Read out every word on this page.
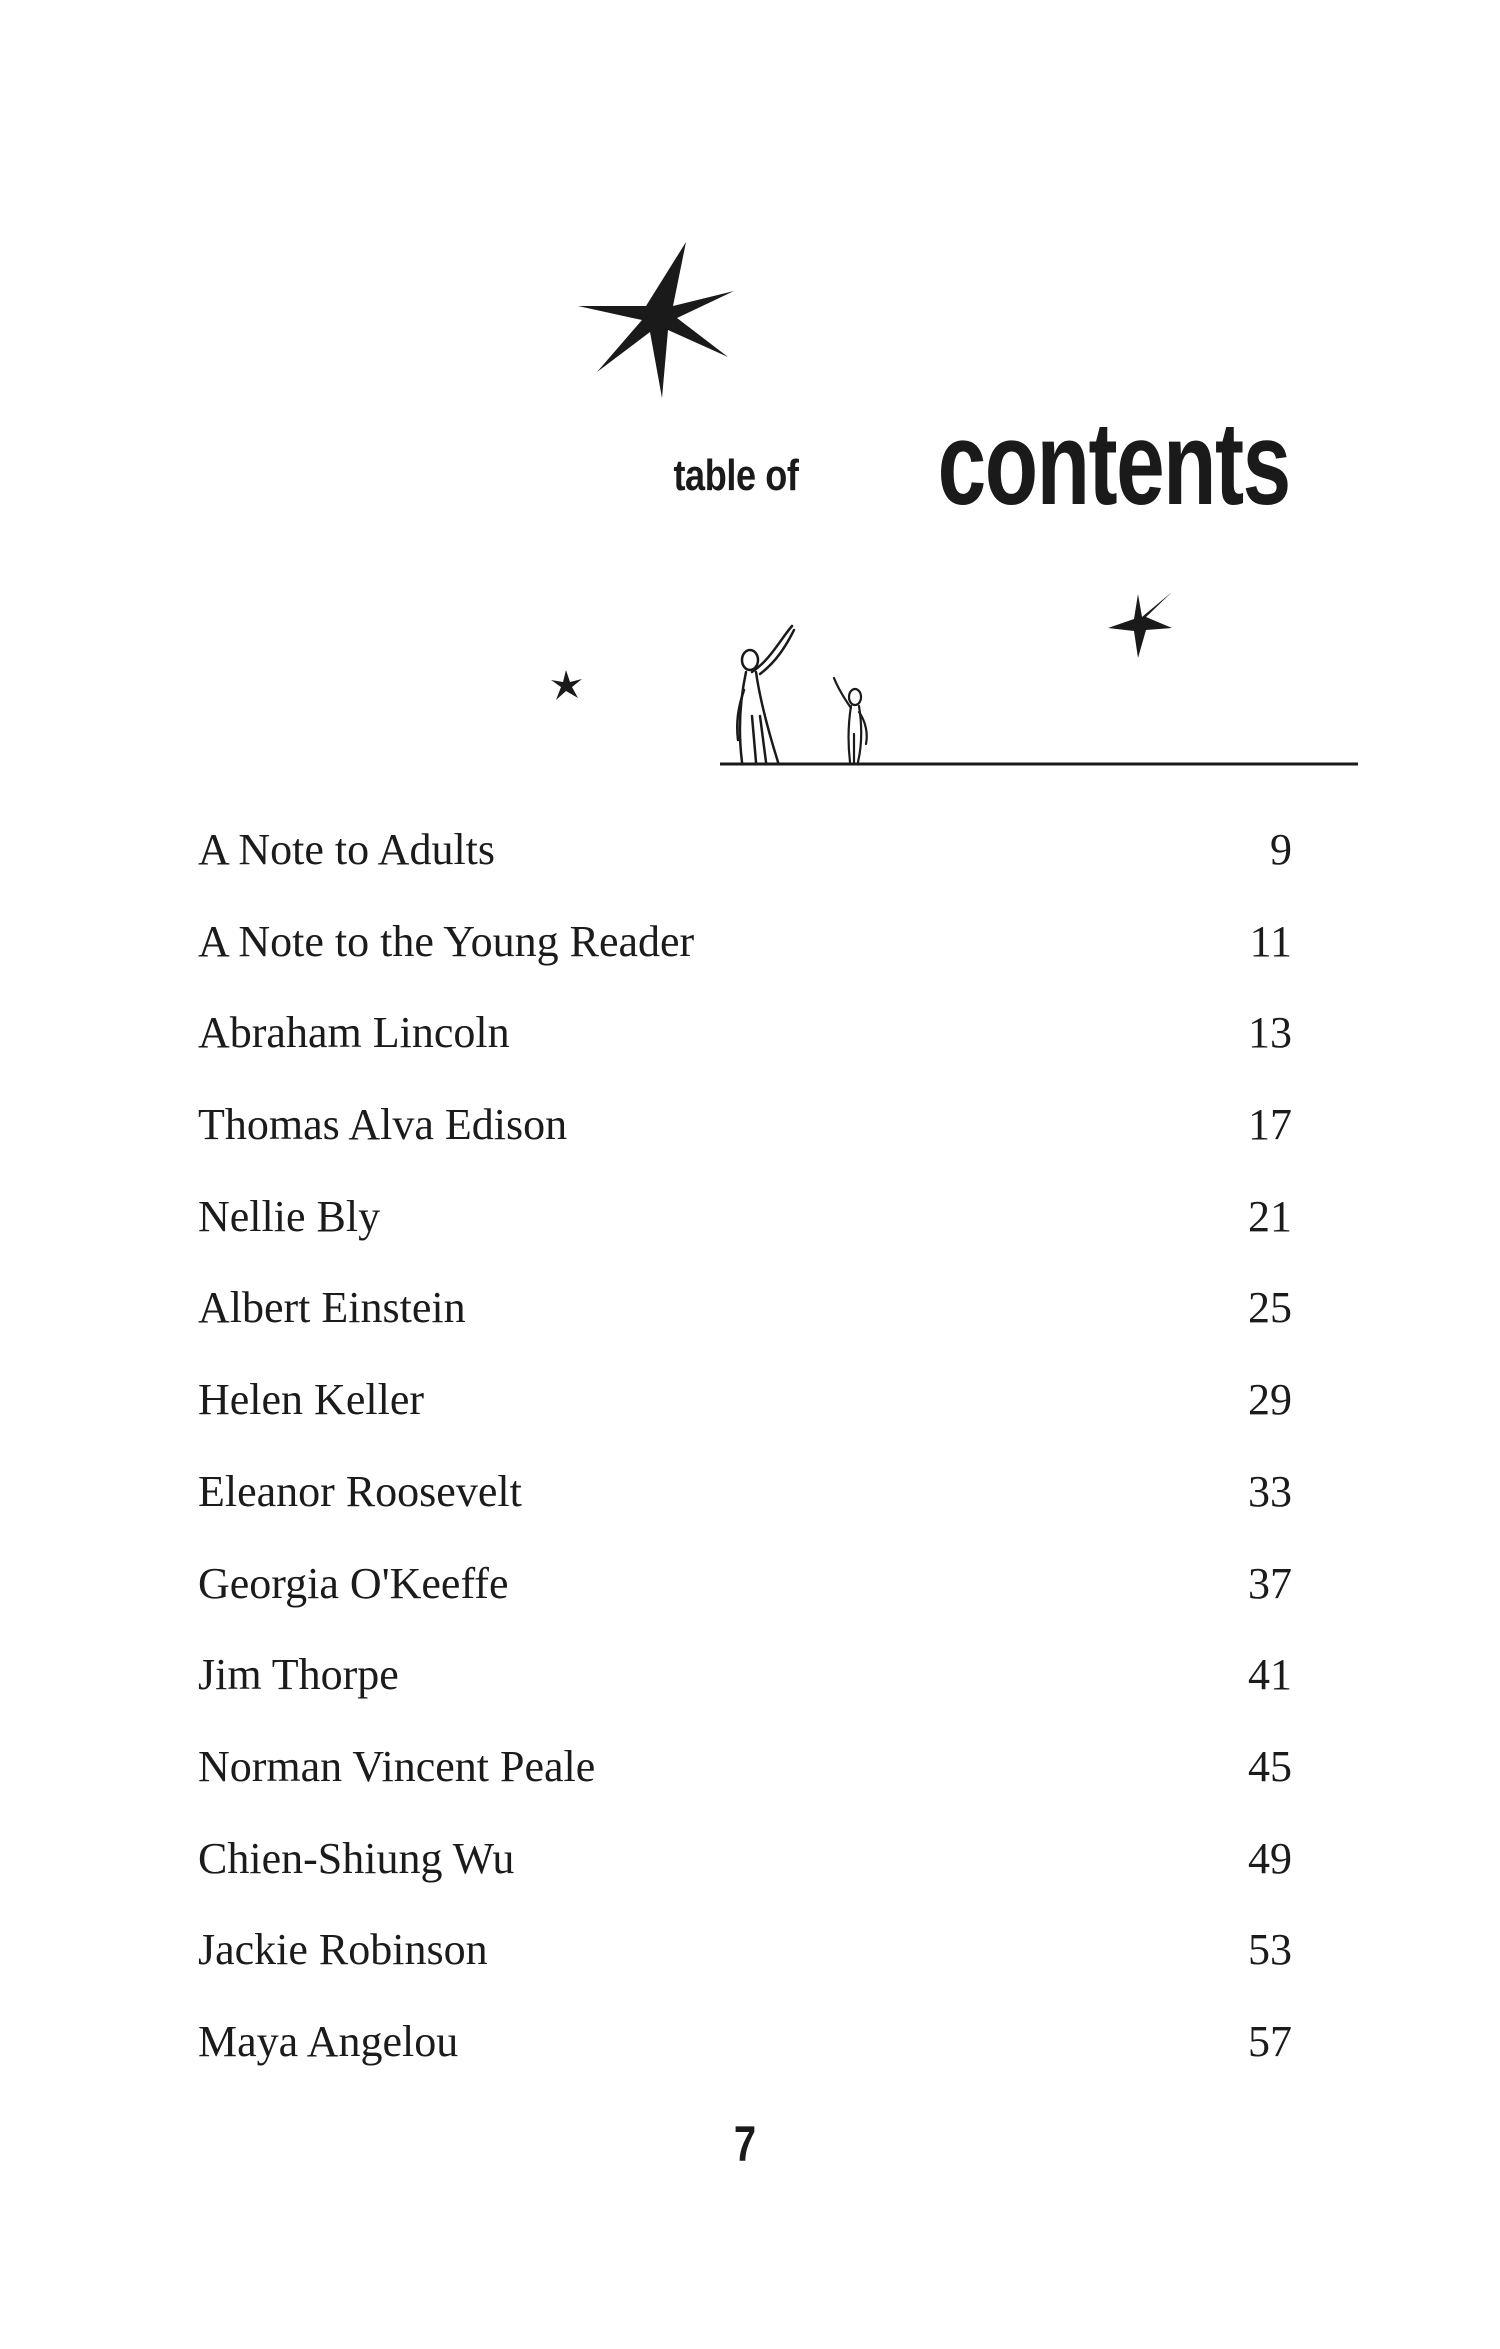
table of contents
A Note to Adults	9
A Note to the Young Reader	11
Abraham Lincoln	13
Thomas Alva Edison	17
Nellie Bly	21
Albert Einstein	25
Helen Keller	29
Eleanor Roosevelt	33
Georgia O'Keeffe	37
Jim Thorpe	41
Norman Vincent Peale	45
Chien-Shiung Wu	49
Jackie Robinson	53
Maya Angelou	57
7
